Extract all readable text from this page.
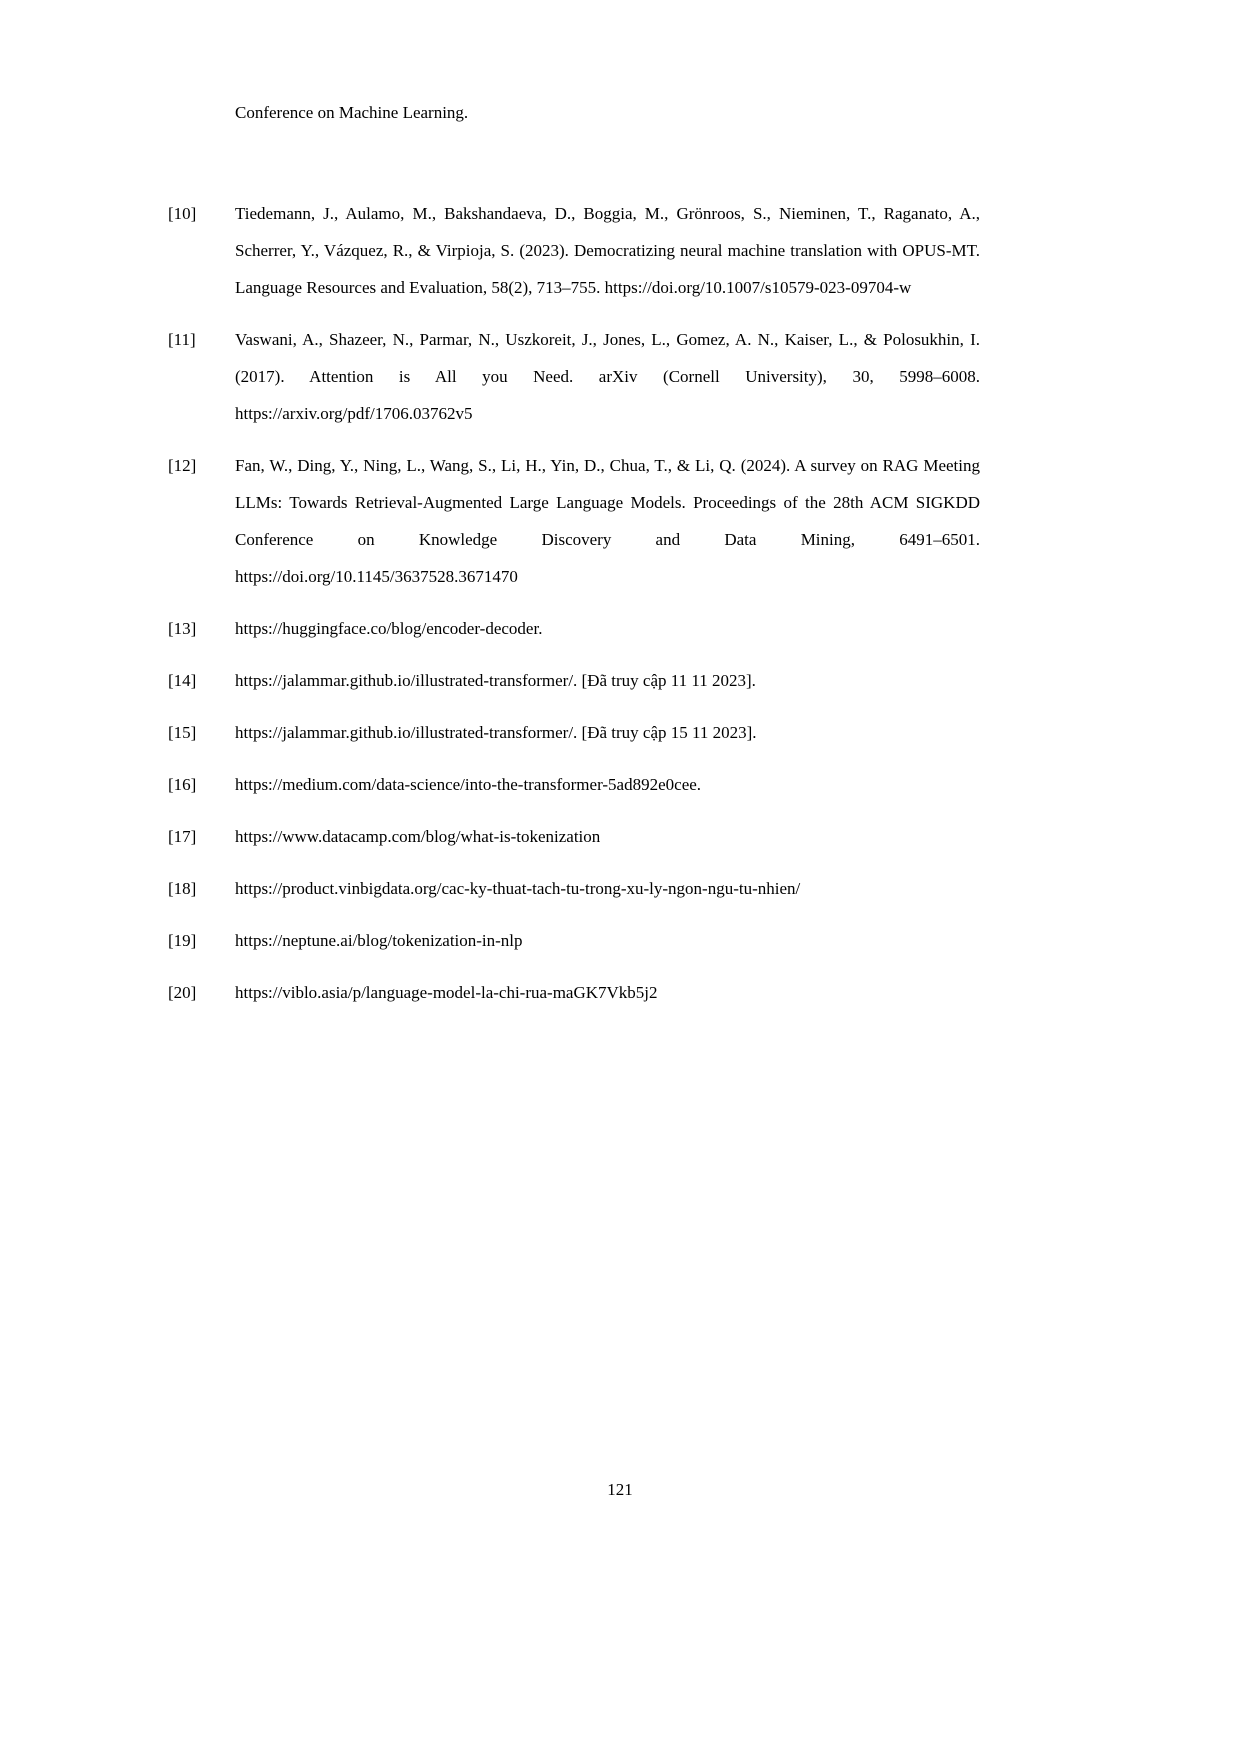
Conference on Machine Learning.

[10]	Tiedemann, J., Aulamo, M., Bakshandaeva, D., Boggia, M., Grönroos, S., Nieminen, T., Raganato, A., Scherrer, Y., Vázquez, R., & Virpioja, S. (2023). Democratizing neural machine translation with OPUS-MT. Language Resources and Evaluation, 58(2), 713–755. https://doi.org/10.1007/s10579-023-09704-w
[11]	Vaswani, A., Shazeer, N., Parmar, N., Uszkoreit, J., Jones, L., Gomez, A. N., Kaiser, L., & Polosukhin, I. (2017). Attention is All you Need. arXiv (Cornell University), 30, 5998–6008. https://arxiv.org/pdf/1706.03762v5
[12]	Fan, W., Ding, Y., Ning, L., Wang, S., Li, H., Yin, D., Chua, T., & Li, Q. (2024). A survey on RAG Meeting LLMs: Towards Retrieval-Augmented Large Language Models. Proceedings of the 28th ACM SIGKDD Conference on Knowledge Discovery and Data Mining, 6491–6501. https://doi.org/10.1145/3637528.3671470
[13]	https://huggingface.co/blog/encoder-decoder.
[14]	https://jalammar.github.io/illustrated-transformer/. [Đã truy cập 11 11 2023].
[15]	https://jalammar.github.io/illustrated-transformer/. [Đã truy cập 15 11 2023].
[16]	https://medium.com/data-science/into-the-transformer-5ad892e0cee.
[17]	https://www.datacamp.com/blog/what-is-tokenization
[18]	https://product.vinbigdata.org/cac-ky-thuat-tach-tu-trong-xu-ly-ngon-ngu-tu-nhien/
[19]	https://neptune.ai/blog/tokenization-in-nlp
[20]	https://viblo.asia/p/language-model-la-chi-rua-maGK7Vkb5j2
121
